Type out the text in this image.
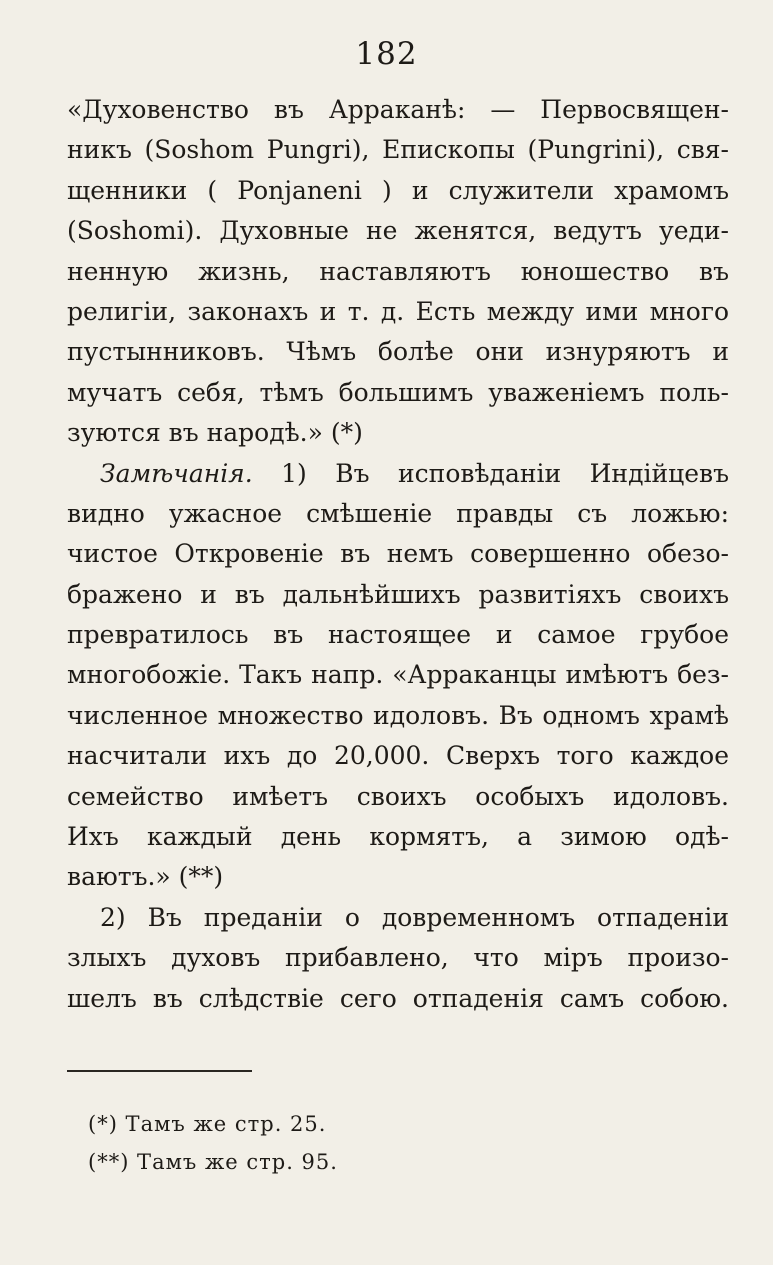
182
«Духовенство въ Арраканѣ: — Первосвящен-
никъ (Soshom Pungri), Епископы (Pungrini), свя-
щенники ( Ponjaneni ) и служители храмомъ
(Soshomi). Духовные не женятся, ведутъ уеди-
ненную жизнь, наставляютъ юношество въ
религіи, законахъ и т. д. Есть между ими много
пустынниковъ. Чѣмъ болѣе они изнуряютъ и
мучатъ себя, тѣмъ большимъ уваженіемъ поль-
зуются въ народѣ.» (*)
Замѣчанія. 1) Въ исповѣданіи Индійцевъ
видно ужасное смѣшеніе правды съ ложью:
чистое Откровеніе въ немъ совершенно обезо-
бражено и въ дальнѣйшихъ развитіяхъ своихъ
превратилось въ настоящее и самое грубое
многобожіе. Такъ напр. «Арраканцы имѣютъ без-
численное множество идоловъ. Въ одномъ храмѣ
насчитали ихъ до 20,000. Сверхъ того каждое
семейство имѣетъ своихъ особыхъ идоловъ.
Ихъ каждый день кормятъ, а зимою одѣ-
ваютъ.» (**)
2) Въ преданіи о довременномъ отпаденіи
злыхъ духовъ прибавлено, что міръ произо-
шелъ въ слѣдствіе сего отпаденія самъ собою.
(*) Тамъ же стр. 25.
(**) Тамъ же стр. 95.
